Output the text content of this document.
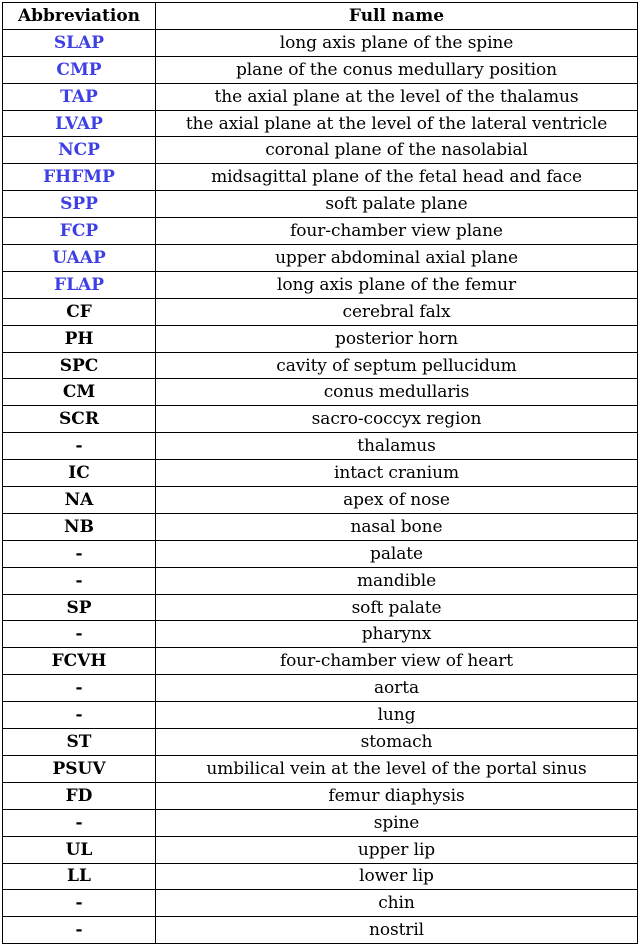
Abbreviation	Full name
SLAP	long axis plane of the spine
CMP	plane of the conus medullary position
TAP	the axial plane at the level of the thalamus
LVAP	the axial plane at the level of the lateral ventricle
NCP	coronal plane of the nasolabial
FHFMP	midsagittal plane of the fetal head and face
SPP	soft palate plane
FCP	four-chamber view plane
UAAP	upper abdominal axial plane
FLAP	long axis plane of the femur
CF	cerebral falx
PH	posterior horn
SPC	cavity of septum pellucidum
CM	conus medullaris
SCR	sacro-coccyx region
-	thalamus
IC	intact cranium
NA	apex of nose
NB	nasal bone
-	palate
-	mandible
SP	soft palate
-	pharynx
FCVH	four-chamber view of heart
-	aorta
-	lung
ST	stomach
PSUV	umbilical vein at the level of the portal sinus
FD	femur diaphysis
-	spine
UL	upper lip
LL	lower lip
-	chin
-	nostril
